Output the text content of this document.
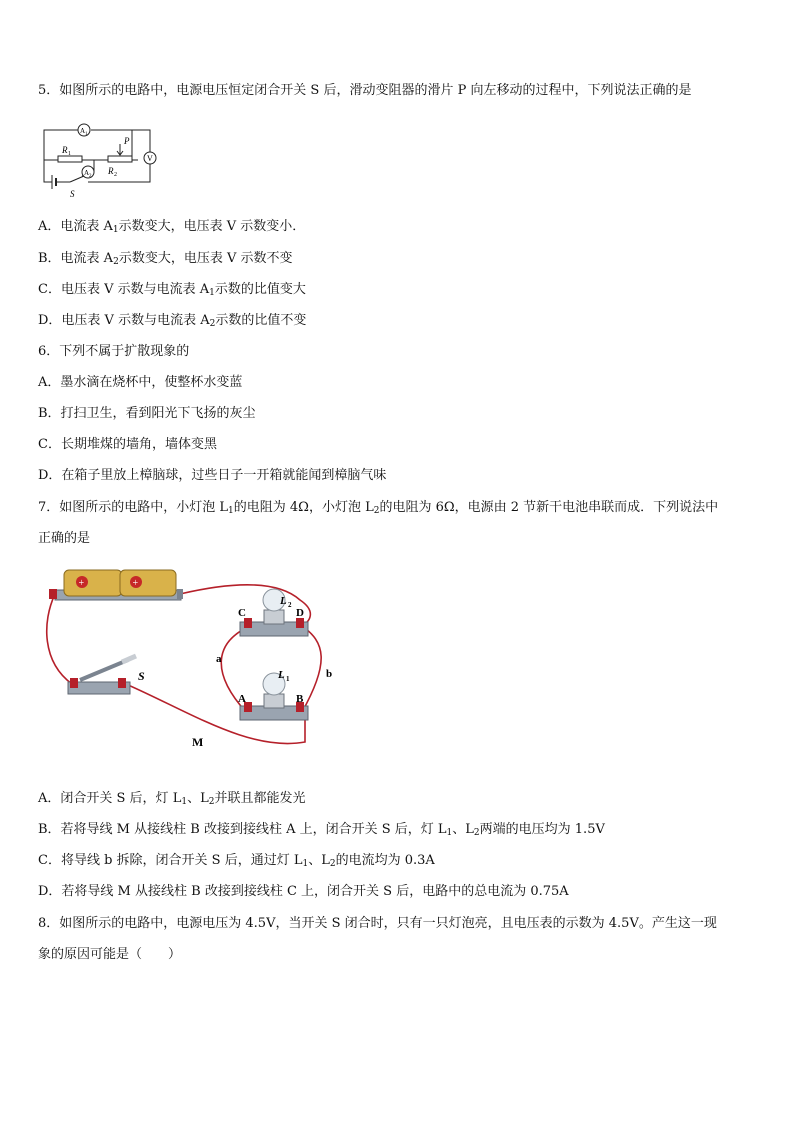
5．如图所示的电路中，电源电压恒定闭合开关 S 后，滑动变阻器的滑片 P 向左移动的过程中，下列说法正确的是
A 1
A 2
V
R 1
P
R 2
S
A．电流表 $A_1$示数变大，电压表 V 示数变小．
B．电流表 $A_2$示数变大，电压表 V 示数不变
C．电压表 V 示数与电流表 $A_1$示数的比值变大
D．电压表 V 示数与电流表 $A_2$示数的比值不变
6．下列不属于扩散现象的
A．墨水滴在烧杯中，使整杯水变蓝
B．打扫卫生，看到阳光下飞扬的灰尘
C．长期堆煤的墙角，墙体变黑
D．在箱子里放上樟脑球，过些日子一开箱就能闻到樟脑气味
7．如图所示的电路中，小灯泡 $L_1$的电阻为 4Ω，小灯泡 $L_2$的电阻为 6Ω，电源由 2 节新干电池串联而成．下列说法中
正确的是
+	+
L 2
C	D
L 1
A	B
a
b
S
M
A．闭合开关 S 后，灯 $L_1$、$L_2$并联且都能发光
B．若将导线 M 从接线柱 B 改接到接线柱 A 上，闭合开关 S 后，灯 $L_1$、$L_2$两端的电压均为 1.5V
C．将导线 b 拆除，闭合开关 S 后，通过灯 $L_1$、$L_2$的电流均为 0.3A
D．若将导线 M 从接线柱 B 改接到接线柱 C 上，闭合开关 S 后，电路中的总电流为 0.75A
8．如图所示的电路中，电源电压为 4.5V，当开关 S 闭合时，只有一只灯泡亮，且电压表的示数为 4.5V。产生这一现
象的原因可能是（　　）
